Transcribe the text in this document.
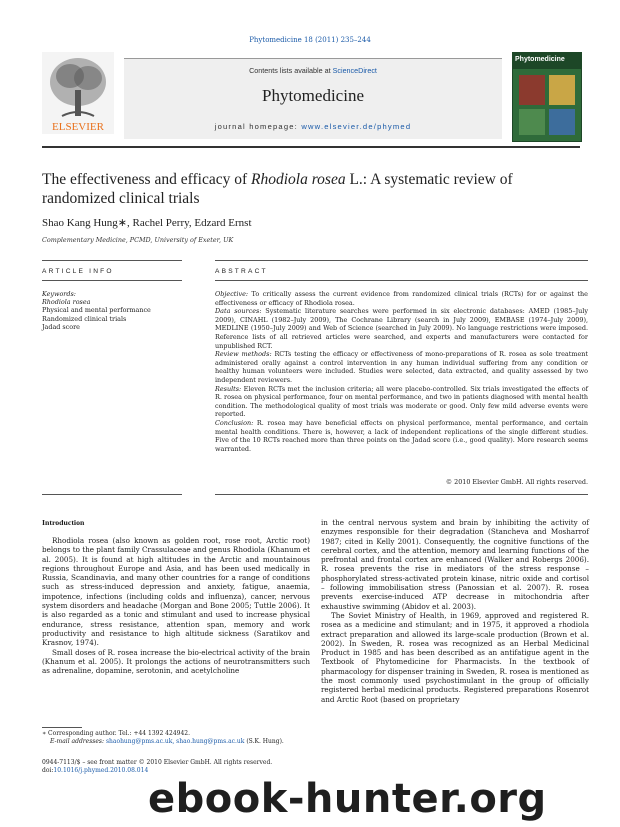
Phytomedicine 18 (2011) 235–244
ELSEVIER
Contents lists available at ScienceDirect
Phytomedicine
journal homepage: www.elsevier.de/phymed
Phytomedicine
The effectiveness and efficacy of Rhodiola rosea L.: A systematic review of randomized clinical trials
Shao Kang Hung∗, Rachel Perry, Edzard Ernst
Complementary Medicine, PCMD, University of Exeter, UK
ARTICLE INFO	ABSTRACT
Keywords:
Rhodiola rosea
Physical and mental performance
Randomized clinical trials
Jadad score

Objective: To critically assess the current evidence from randomized clinical trials (RCTs) for or against the effectiveness or efficacy of Rhodiola rosea.

Data sources: Systematic literature searches were performed in six electronic databases: AMED (1985–July 2009), CINAHL (1982–July 2009), The Cochrane Library (search in July 2009), EMBASE (1974–July 2009), MEDLINE (1950–July 2009) and Web of Science (searched in July 2009). No language restrictions were imposed. Reference lists of all retrieved articles were searched, and experts and manufacturers were contacted for unpublished RCT.

Review methods: RCTs testing the efficacy or effectiveness of mono-preparations of R. rosea as sole treatment administered orally against a control intervention in any human individual suffering from any condition or healthy human volunteers were included. Studies were selected, data extracted, and quality assessed by two independent reviewers.

Results: Eleven RCTs met the inclusion criteria; all were placebo-controlled. Six trials investigated the effects of R. rosea on physical performance, four on mental performance, and two in patients diagnosed with mental health condition. The methodological quality of most trials was moderate or good. Only few mild adverse events were reported.

Conclusion: R. rosea may have beneficial effects on physical performance, mental performance, and certain mental health conditions. There is, however, a lack of independent replications of the single different studies. Five of the 10 RCTs reached more than three points on the Jadad score (i.e., good quality). More research seems warranted.

© 2010 Elsevier GmbH. All rights reserved.
Introduction

Rhodiola rosea (also known as golden root, rose root, Arctic root) belongs to the plant family Crassulaceae and genus Rhodiola (Khanum et al. 2005). It is found at high altitudes in the Arctic and mountainous regions throughout Europe and Asia, and has been used medically in Russia, Scandinavia, and many other countries for a range of conditions such as stress-induced depression and anxiety, fatigue, anaemia, impotence, infections (including colds and influenza), cancer, nervous system disorders and headache (Morgan and Bone 2005; Tuttle 2006). It is also regarded as a tonic and stimulant and used to increase physical endurance, stress resistance, attention span, memory and work productivity and resistance to high altitude sickness (Saratikov and Krasnov, 1974).

Small doses of R. rosea increase the bio-electrical activity of the brain (Khanum et al. 2005). It prolongs the actions of neurotransmitters such as adrenaline, dopamine, serotonin, and acetylcholine

in the central nervous system and brain by inhibiting the activity of enzymes responsible for their degradation (Stancheva and Mosharrof 1987; cited in Kelly 2001). Consequently, the cognitive functions of the cerebral cortex, and the attention, memory and learning functions of the prefrontal and frontal cortex are enhanced (Walker and Robergs 2006). R. rosea prevents the rise in mediators of the stress response – phosphorylated stress-activated protein kinase, nitric oxide and cortisol – following immobilisation stress (Panossian et al. 2007). R. rosea prevents exercise-induced ATP decrease in mitochondria after exhaustive swimming (Abidov et al. 2003).

The Soviet Ministry of Health, in 1969, approved and registered R. rosea as a medicine and stimulant; and in 1975, it approved a rhodiola extract preparation and allowed its large-scale production (Brown et al. 2002). In Sweden, R. rosea was recognized as an Herbal Medicinal Product in 1985 and has been described as an antifatigue agent in the Textbook of Phytomedicine for Pharmacists. In the textbook of pharmacology for dispenser training in Sweden, R. rosea is mentioned as the most commonly used psychostimulant in the group of officially registered herbal medicinal products. Registered preparations Rosenrot and Arctic Root (based on proprietary

∗ Corresponding author. Tel.: +44 1392 424942.
E-mail addresses: shaohung@pms.ac.uk, shao.hung@pms.ac.uk (S.K. Hung).
0944-7113/$ – see front matter © 2010 Elsevier GmbH. All rights reserved.
doi:10.1016/j.phymed.2010.08.014
ebook-hunter.org
